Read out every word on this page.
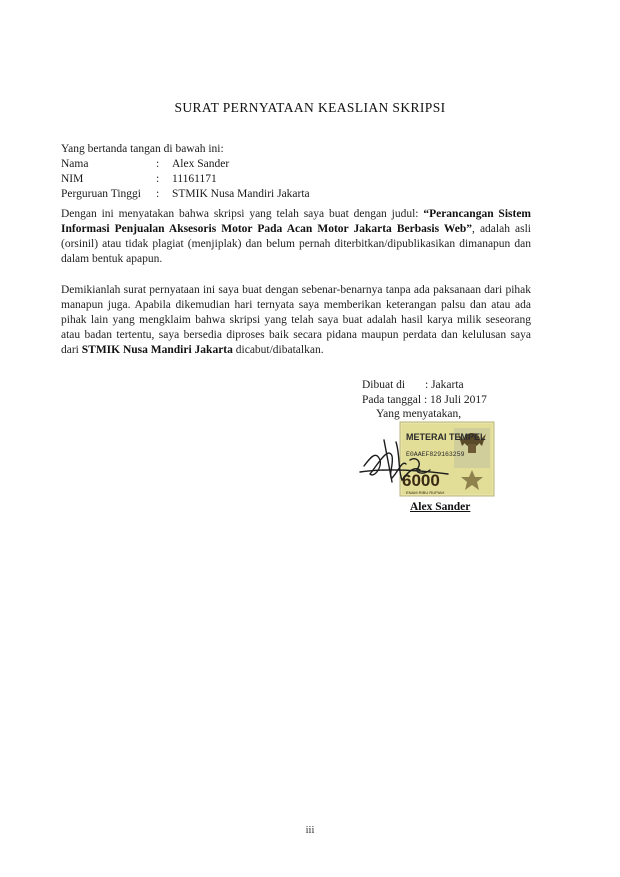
SURAT PERNYATAAN KEASLIAN SKRIPSI
Yang bertanda tangan di bawah ini:
Nama	:	Alex Sander
NIM	:	11161171
Perguruan Tinggi	:	STMIK Nusa Mandiri Jakarta
Dengan ini menyatakan bahwa skripsi yang telah saya buat dengan judul: “Perancangan Sistem Informasi Penjualan Aksesoris Motor Pada Acan Motor Jakarta Berbasis Web”, adalah asli (orsinil) atau tidak plagiat (menjiplak) dan belum pernah diterbitkan/dipublikasikan dimanapun dan dalam bentuk apapun.
Demikianlah surat pernyataan ini saya buat dengan sebenar-benarnya tanpa ada paksanaan dari pihak manapun juga. Apabila dikemudian hari ternyata saya memberikan keterangan palsu dan atau ada pihak lain yang mengklaim bahwa skripsi yang telah saya buat adalah hasil karya milik seseorang atau badan tertentu, saya bersedia diproses baik secara pidana maupun perdata dan kelulusan saya dari STMIK Nusa Mandiri Jakarta dicabut/dibatalkan.
Dibuat di : Jakarta
Pada tanggal : 18 Juli 2017
Yang menyatakan,
METERAI TEMPEL
E0AAEF829163259
6000
ENAM RIBU RUPIAH
Alex Sander
iii
